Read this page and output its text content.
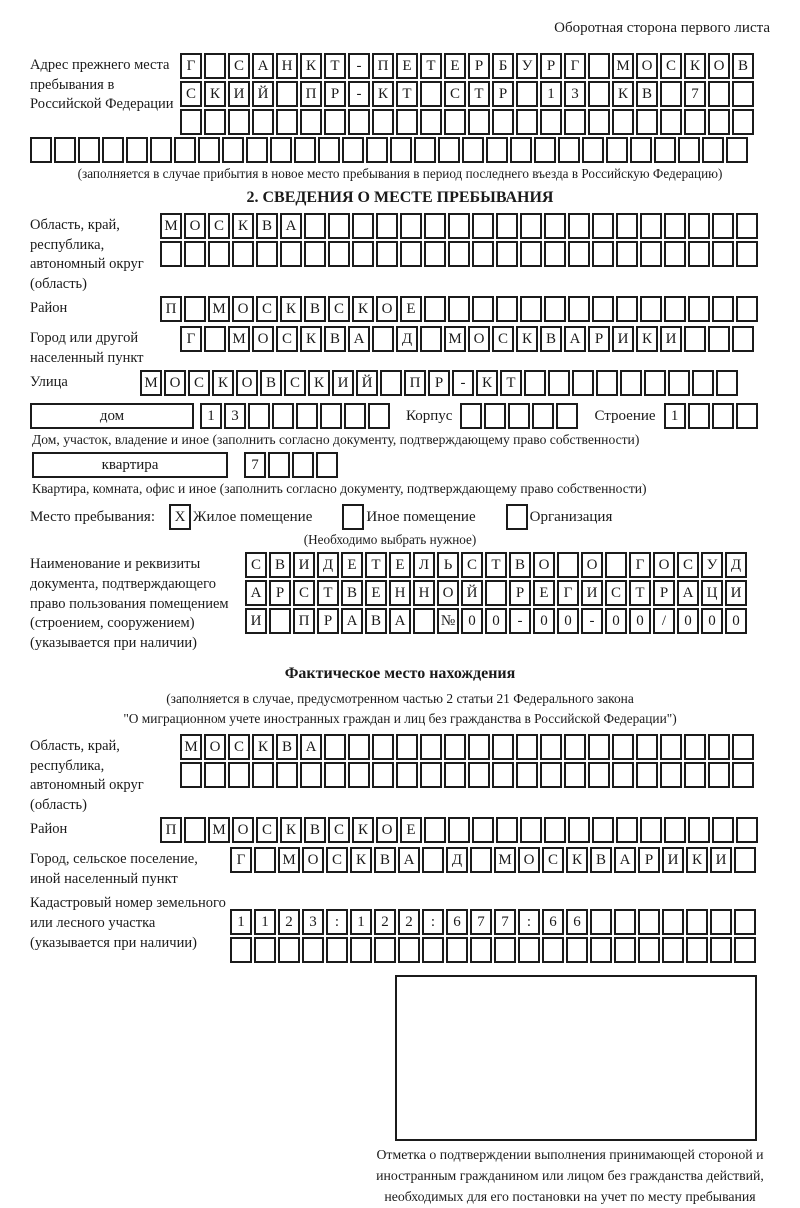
Оборотная сторона первого листа
Адрес прежнего места пребывания в Российской Федерации
Г	С А Н К Т	-	П Е Т Е	Р	Б У Р	Г	М О С К О В
С К И Й	П Р	-	К Т	С Т	Р	1	3	К В	7
(заполняется в случае прибытия в новое место пребывания в период последнего въезда в Российскую Федерацию)
2. СВЕДЕНИЯ О МЕСТЕ ПРЕБЫВАНИЯ
Область, край, республика, автономный округ (область)
М О С К В А
Район	П	М О С К В С К О Е
Город или другой населенный пункт
Г	М О С К В А	Д	М О С К В А Р И К И
Улица	М О С К О В С К И Й	П Р	-	К Т
дом	1	3	Корпус	Строение	1
Дом, участок, владение и иное (заполнить согласно документу, подтверждающему право собственности)
квартира	7
Квартира, комната, офис и иное (заполнить согласно документу, подтверждающему право собственности)
Место пребывания:	X Жилое помещение	Иное помещение	Организация
(Необходимо выбрать нужное)
Наименование и реквизиты документа, подтверждающего право пользования помещением (строением, сооружением) (указывается при наличии)
С В И Д Е Т Е Л Ь С Т В О	О	Г О С У Д
А Р С Т В Е Н Н О Й	Р	Е	Г И С Т	Р А Ц И
И	П Р А В А	№ 0	0	-	0	0	-	0	0	/	0	0	0
Фактическое место нахождения
(заполняется в случае, предусмотренном частью 2 статьи 21 Федерального закона
"О миграционном учете иностранных граждан и лиц без гражданства в Российской Федерации")
Область, край, республика, автономный округ (область)
М О С К В А
Район	П	М О С К В С К О Е
Город, сельское поселение, иной населенный пункт
Г	М О С К В А	Д	М О С К В А Р И К И
Кадастровый номер земельного или лесного участка (указывается при наличии)
1	1	2	3	:	1	2	2	:	6	7	7	:	6	6
Отметка о подтверждении выполнения принимающей стороной и иностранным гражданином или лицом без гражданства действий, необходимых для его постановки на учет по месту пребывания
